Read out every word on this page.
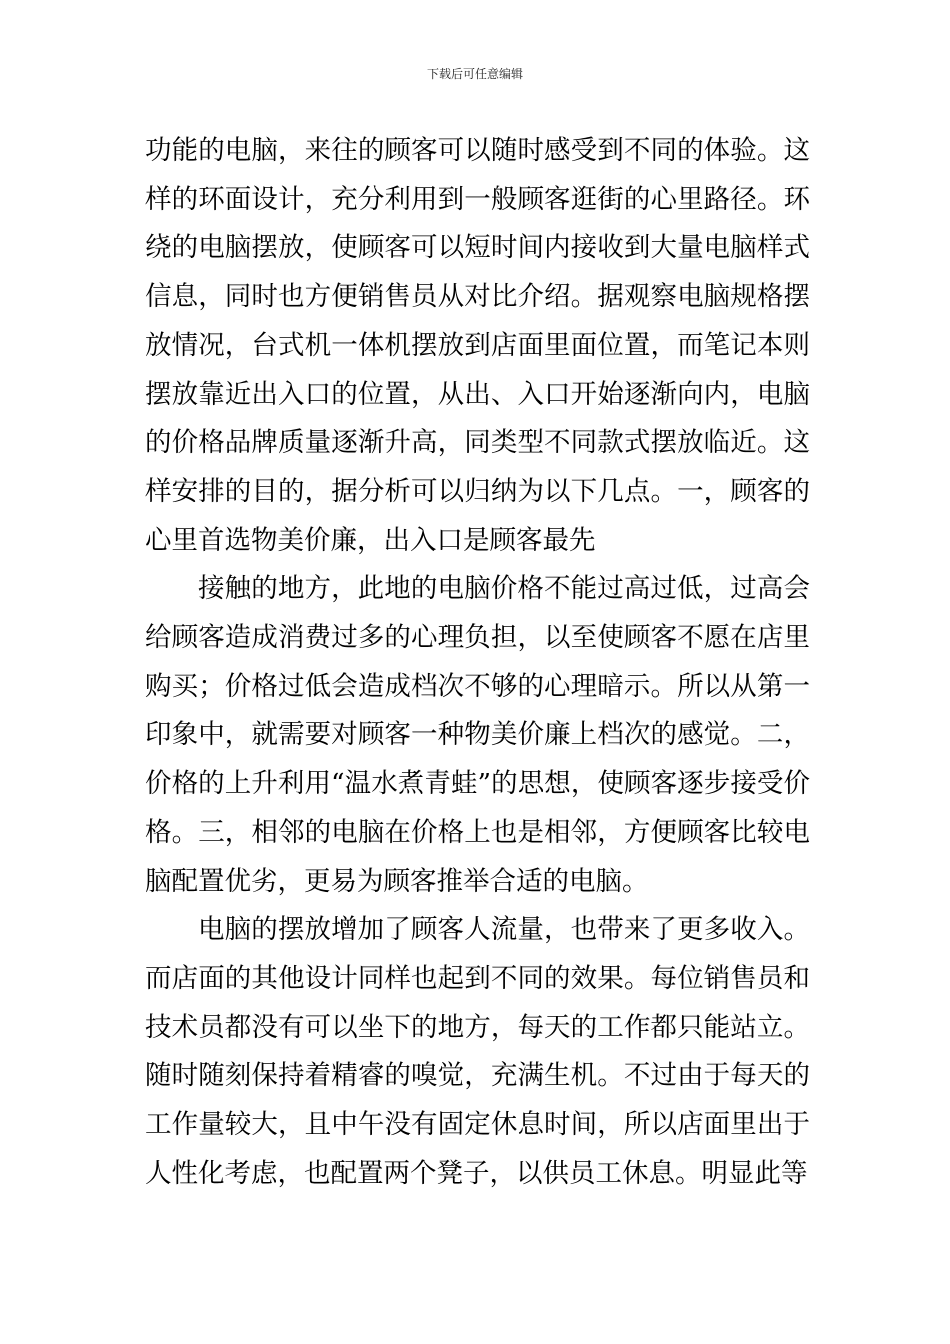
下载后可任意编辑

功能的电脑，来往的顾客可以随时感受到不同的体验。这样的环面设计，充分利用到一般顾客逛街的心里路径。环绕的电脑摆放，使顾客可以短时间内接收到大量电脑样式信息，同时也方便销售员从对比介绍。据观察电脑规格摆放情况，台式机一体机摆放到店面里面位置，而笔记本则摆放靠近出入口的位置，从出、入口开始逐渐向内，电脑的价格品牌质量逐渐升高，同类型不同款式摆放临近。这样安排的目的，据分析可以归纳为以下几点。一，顾客的心里首选物美价廉，出入口是顾客最先

接触的地方，此地的电脑价格不能过高过低，过高会给顾客造成消费过多的心理负担，以至使顾客不愿在店里购买；价格过低会造成档次不够的心理暗示。所以从第一印象中，就需要对顾客一种物美价廉上档次的感觉。二，价格的上升利用“温水煮青蛙”的思想，使顾客逐步接受价格。三，相邻的电脑在价格上也是相邻，方便顾客比较电脑配置优劣，更易为顾客推举合适的电脑。

电脑的摆放增加了顾客人流量，也带来了更多收入。而店面的其他设计同样也起到不同的效果。每位销售员和技术员都没有可以坐下的地方，每天的工作都只能站立。随时随刻保持着精睿的嗅觉，充满生机。不过由于每天的工作量较大，且中午没有固定休息时间，所以店面里出于人性化考虑，也配置两个凳子，以供员工休息。明显此等
